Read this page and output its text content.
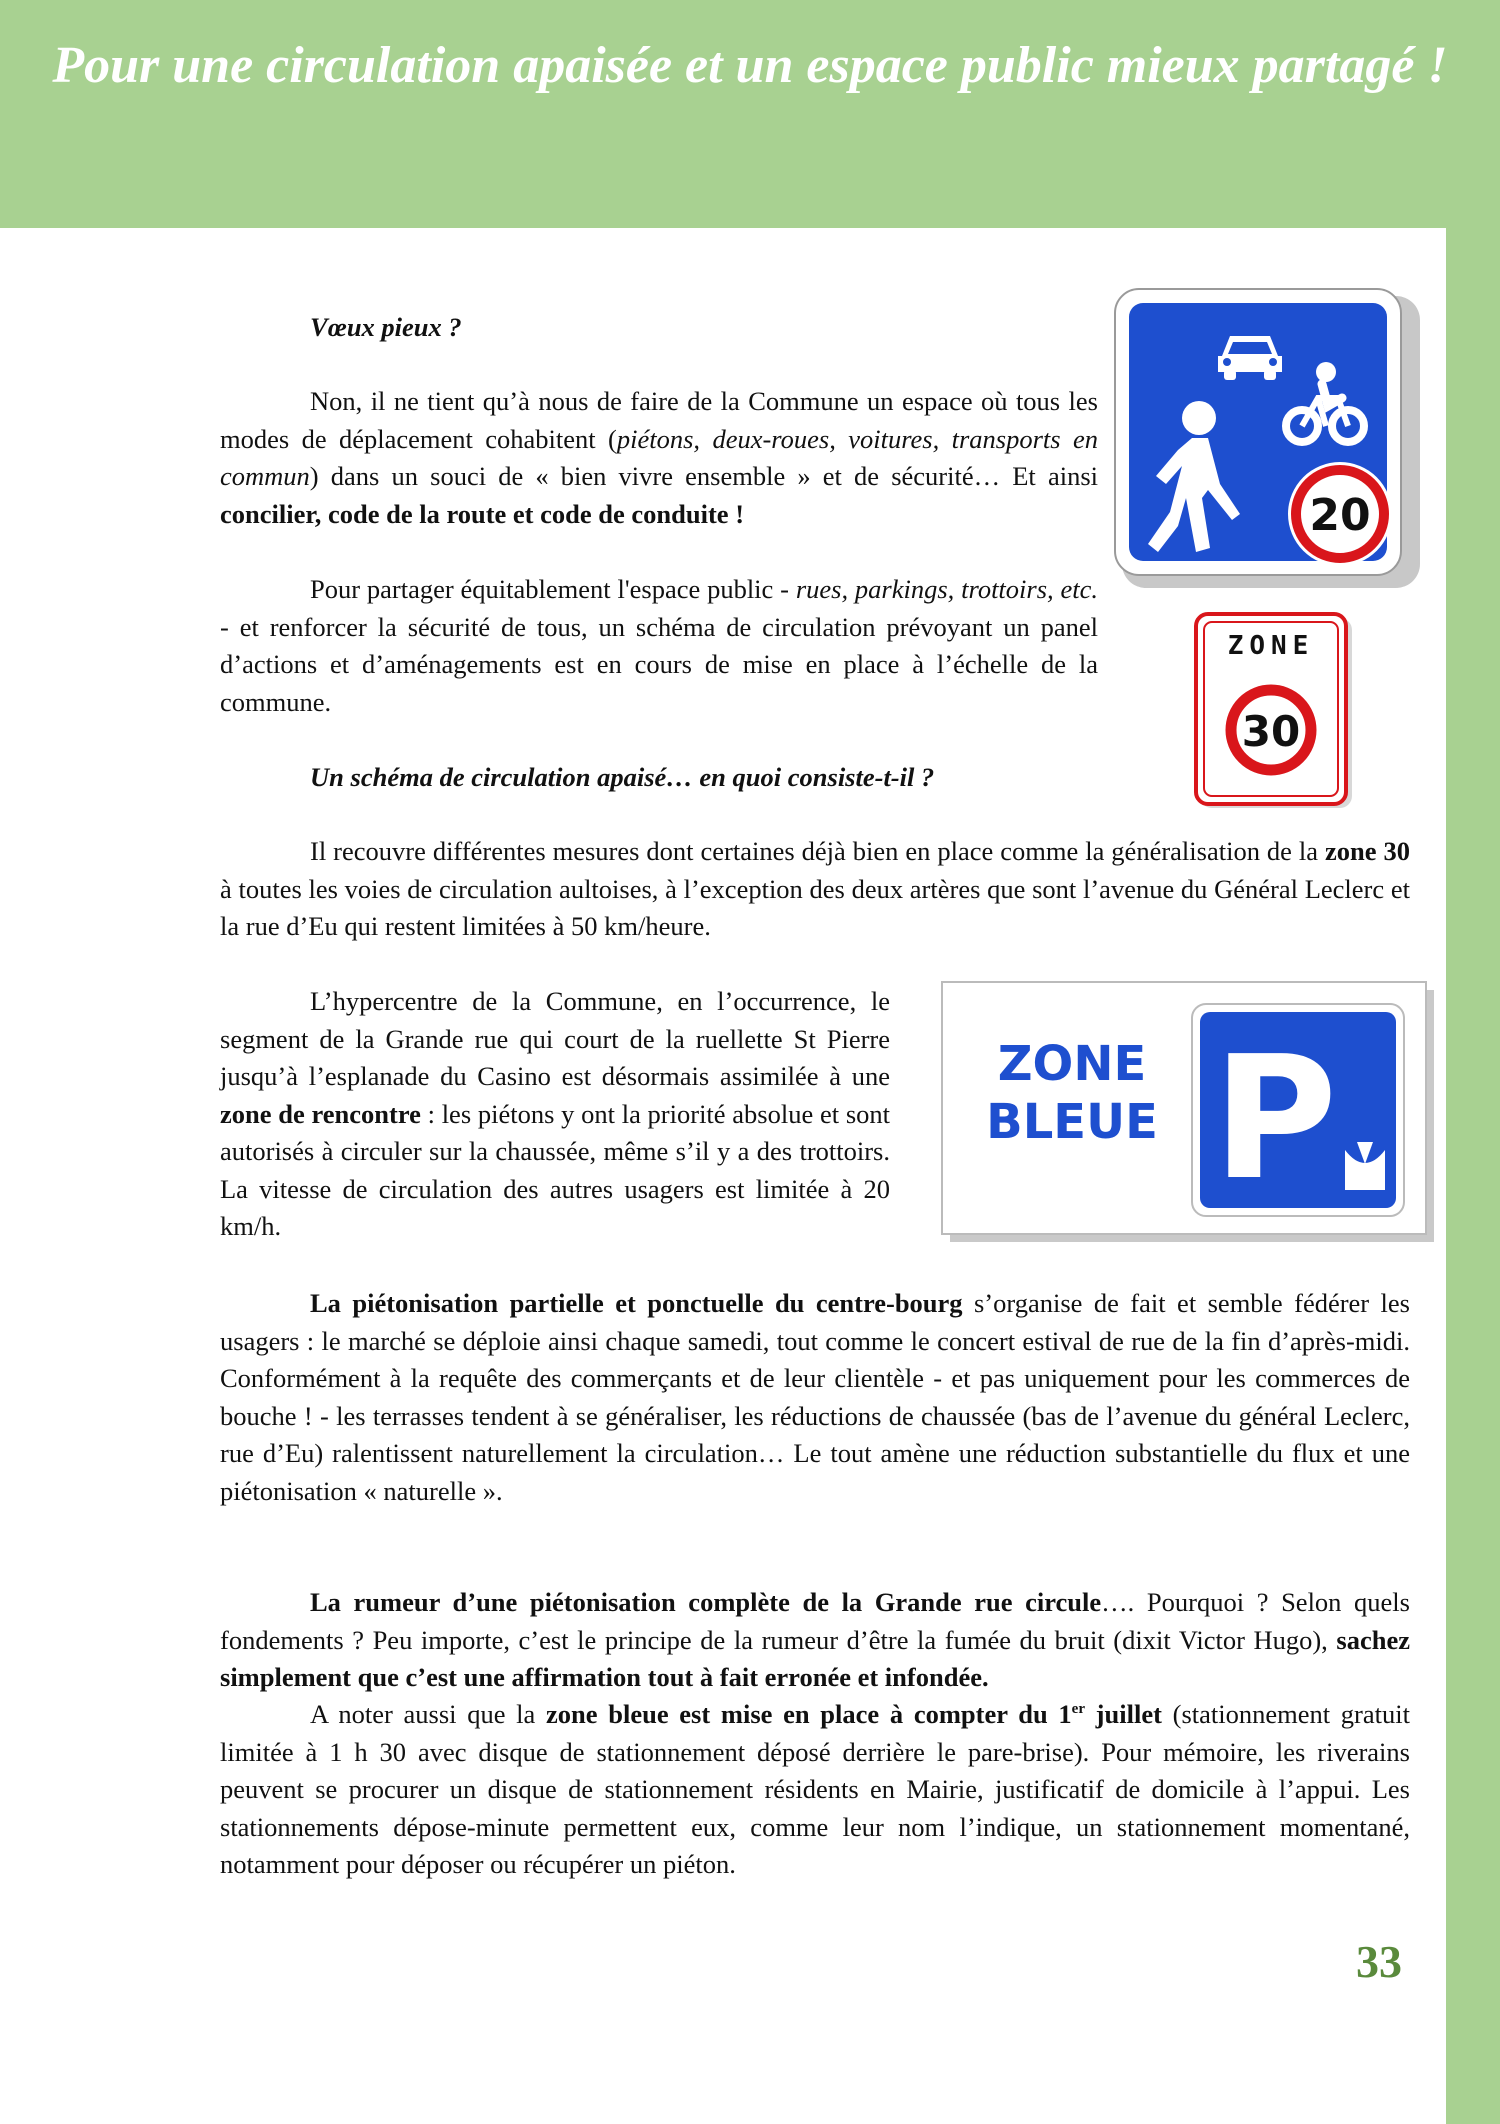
Pour une circulation apaisée et un espace public mieux partagé !

Vœux pieux ?

Non, il ne tient qu’à nous de faire de la Commune un espace où tous les modes de déplacement cohabitent (piétons, deux-roues, voitures, transports en commun) dans un souci de « bien vivre ensemble » et de sécurité… Et ainsi concilier, code de la route et code de conduite !

Pour partager équitablement l'espace public - rues, parkings, trottoirs, etc. - et renforcer la sécurité de tous, un schéma de circulation prévoyant un panel d’actions et d’aménagements est en cours de mise en place à l’échelle de la commune.

Un schéma de circulation apaisé… en quoi consiste-t-il ?

Il recouvre différentes mesures dont certaines déjà bien en place comme la généralisation de la zone 30 à toutes les voies de circulation aultoises, à l’exception des deux artères que sont l’avenue du Général Leclerc et la rue d’Eu qui restent limitées à 50 km/heure.

L’hypercentre de la Commune, en l’occurrence, le segment de la Grande rue qui court de la ruellette St Pierre jusqu’à l’esplanade du Casino est désormais assimilée à une zone de rencontre : les piétons y ont la priorité absolue et sont autorisés à circuler sur la chaussée, même s’il y a des trottoirs. La vitesse de circulation des autres usagers est limitée à 20 km/h.

La piétonisation partielle et ponctuelle du centre-bourg s’organise de fait et semble fédérer les usagers : le marché se déploie ainsi chaque samedi, tout comme le concert estival de rue de la fin d’après-midi. Conformément à la requête des commerçants et de leur clientèle - et pas uniquement pour les commerces de bouche ! - les terrasses tendent à se généraliser, les réductions de chaussée (bas de l’avenue du général Leclerc, rue d’Eu) ralentissent naturellement la circulation… Le tout amène une réduction substantielle du flux et une piétonisation « naturelle ».

La rumeur d’une piétonisation complète de la Grande rue circule…. Pourquoi ? Selon quels fondements ? Peu importe, c’est le principe de la rumeur d’être la fumée du bruit (dixit Victor Hugo), sachez simplement que c’est une affirmation tout à fait erronée et infondée.

A noter aussi que la zone bleue est mise en place à compter du 1er juillet (stationnement gratuit limitée à 1 h 30 avec disque de stationnement déposé derrière le pare-brise). Pour mémoire, les riverains peuvent se procurer un disque de stationnement résidents en Mairie, justificatif de domicile à l’appui. Les stationnements dépose-minute permettent eux, comme leur nom l’indique, un stationnement momentané, notamment pour déposer ou récupérer un piéton.

33
20
ZONE
30
ZONE
BLEUE P
